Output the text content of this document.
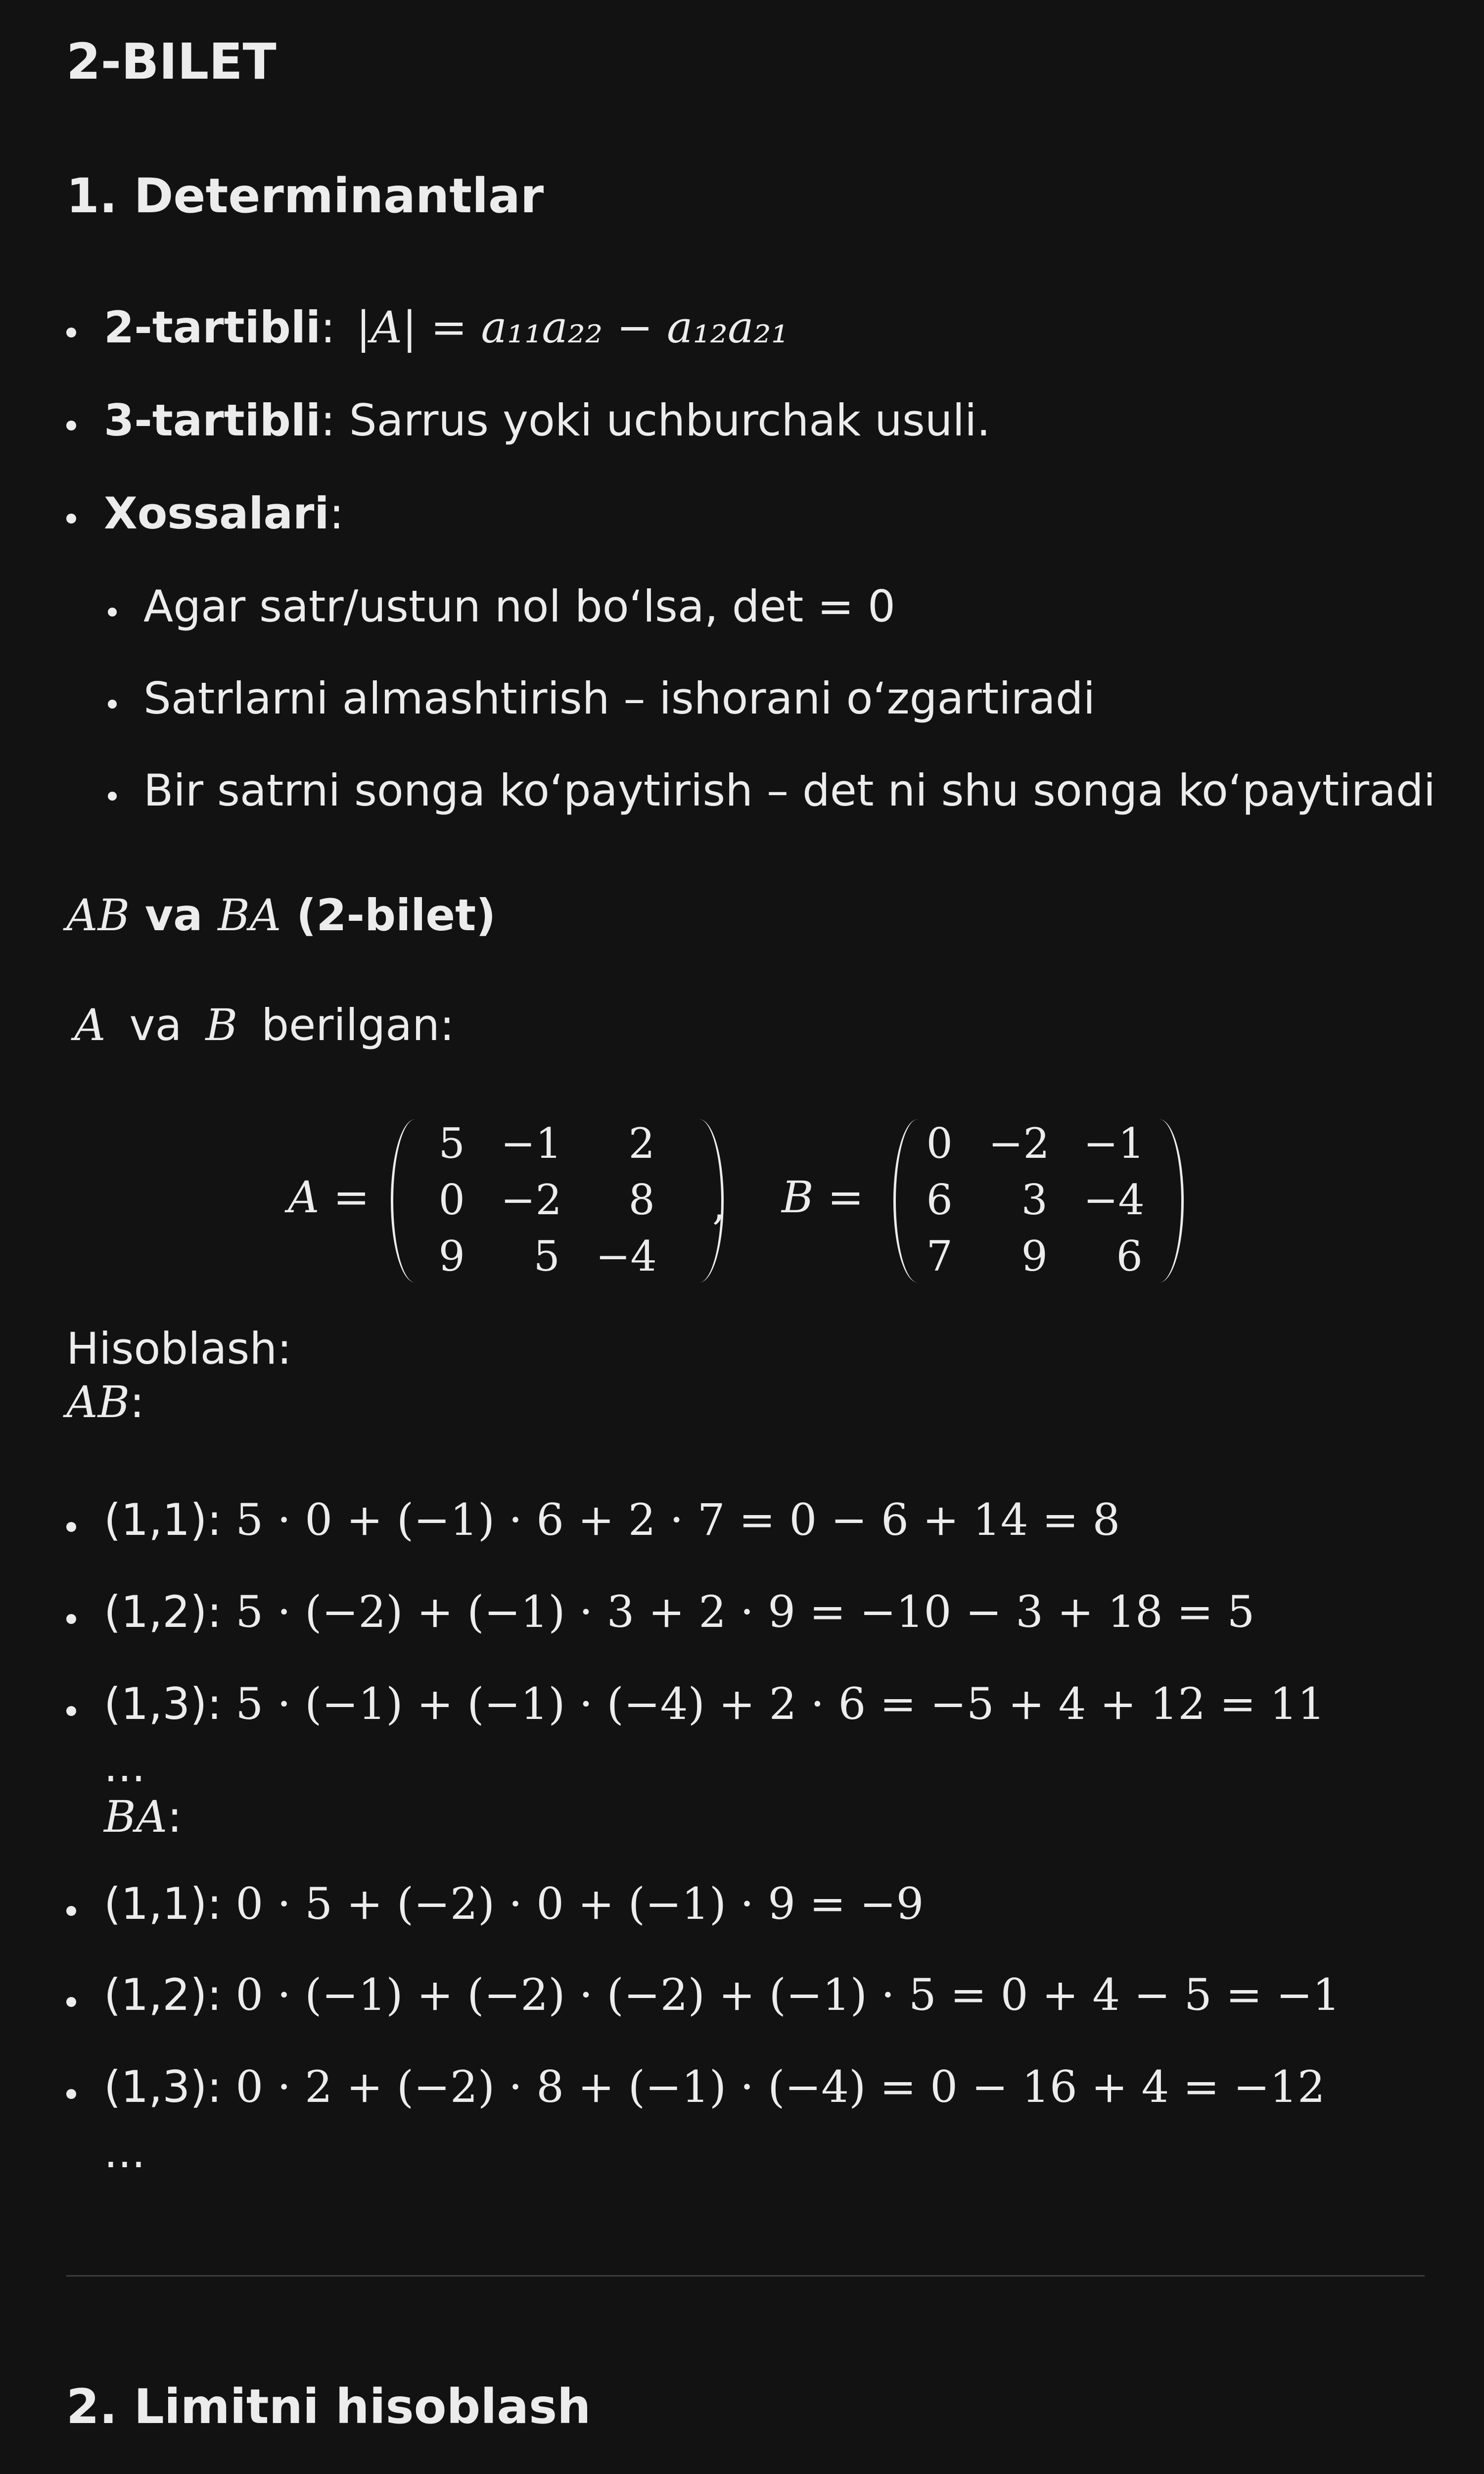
2-BILET
1. Determinantlar
2-tartibli: |A| = a₁₁a₂₂ − a₁₂a₂₁
3-tartibli: Sarrus yoki uchburchak usuli.
Xossalari:
Agar satr/ustun nol bo‘lsa, det = 0
Satrlarni almashtirish – ishorani o‘zgartiradi
Bir satrni songa ko‘paytirish – det ni shu songa ko‘paytiradi
AB va BA (2-bilet)
A va B berilgan:
A =
5 −1	2
0 −2	8
9	5 −4
, B =
0 −2 −1
6	3 −4
7	9	6
Hisoblash:
AB:
(1,1): 5 · 0 + (−1) · 6 + 2 · 7 = 0 − 6 + 14 = 8
(1,2): 5 · (−2) + (−1) · 3 + 2 · 9 = −10 − 3 + 18 = 5
(1,3): 5 · (−1) + (−1) · (−4) + 2 · 6 = −5 + 4 + 12 = 11
...
BA:
(1,1): 0 · 5 + (−2) · 0 + (−1) · 9 = −9
(1,2): 0 · (−1) + (−2) · (−2) + (−1) · 5 = 0 + 4 − 5 = −1
(1,3): 0 · 2 + (−2) · 8 + (−1) · (−4) = 0 − 16 + 4 = −12
...
2. Limitni hisoblash
